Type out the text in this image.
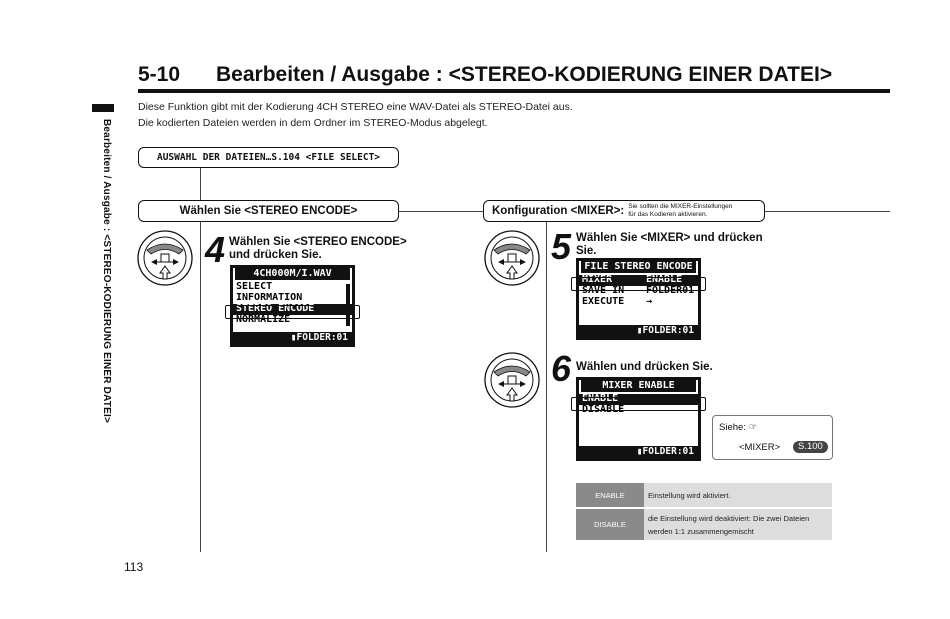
5-10 Bearbeiten / Ausgabe : <STEREO-KODIERUNG EINER DATEI>
Diese Funktion gibt mit der Kodierung 4CH STEREO eine WAV-Datei als STEREO-Datei aus.
Die kodierten Dateien werden in dem Ordner im STEREO-Modus abgelegt.
Bearbeiten / Ausgabe : <STEREO-KODIERUNG EINER DATEI>
113
AUSWAHL DER DATEIEN…S.104 <FILE SELECT>
Wählen Sie <STEREO ENCODE>	Konfiguration <MIXER>: Sie sollten die MIXER-Einstellungen
für das Kodieren aktivieren.
4 Wählen Sie <STEREO ENCODE>
und drücken Sie.
4CH000M/I.WAV
SELECT
INFORMATION
STEREO ENCODE
NORMALIZE
▮FOLDER:01
5 Wählen Sie <MIXER> und drücken
Sie.
FILE STEREO ENCODE
MIXER	ENABLE
SAVE IN	FOLDER01
EXECUTE	→
▮FOLDER:01
6 Wählen und drücken Sie.
MIXER ENABLE
ENABLE
DISABLE
▮FOLDER:01
Siehe: ☞
<MIXER>	S.100
ENABLE	Einstellung wird aktiviert.
DISABLE	die Einstellung wird deaktiviert: Die zwei Dateien werden 1:1 zusammengemischt
